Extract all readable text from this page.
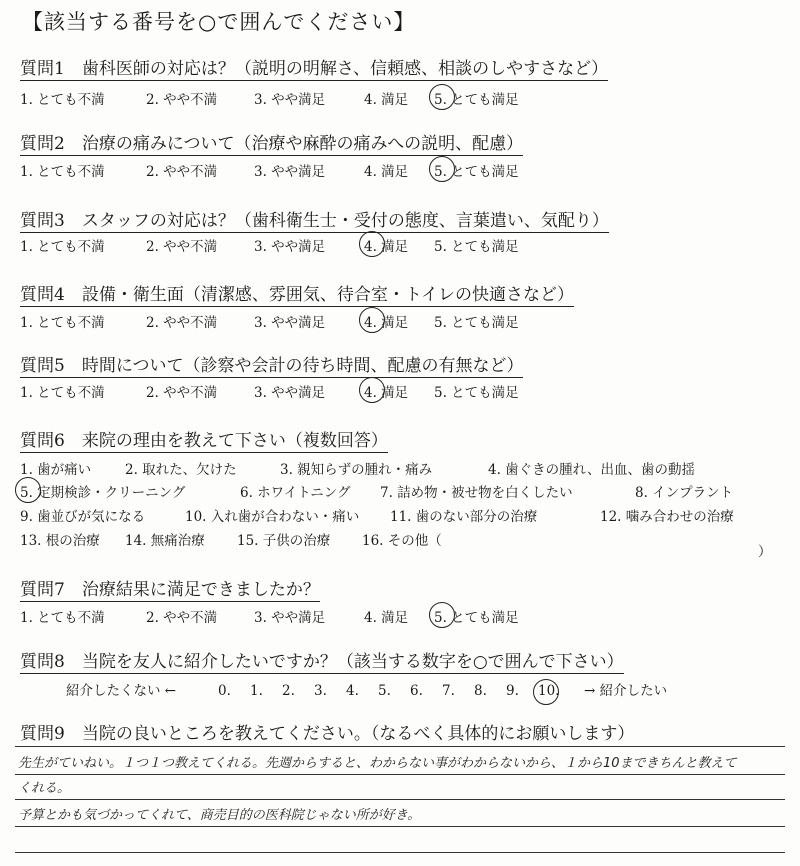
【該当する番号を○で囲んでください】
質問1　歯科医師の対応は？（説明の明解さ、信頼感、相談のしやすさなど）
1. とても不満	2. やや不満	3. やや満足	4. 満足 5. とても満足
質問2　治療の痛みについて（治療や麻酔の痛みへの説明、配慮）
1. とても不満	2. やや不満	3. やや満足	4. 満足 5. とても満足
質問3　スタッフの対応は？（歯科衛生士・受付の態度、言葉遣い、気配り）
1. とても不満	2. やや不満	3. やや満足	4. 満足 5. とても満足
質問4　設備・衛生面（清潔感、雰囲気、待合室・トイレの快適さなど）
1. とても不満	2. やや不満	3. やや満足	4. 満足 5. とても満足
質問5　時間について（診察や会計の待ち時間、配慮の有無など）
1. とても不満	2. やや不満	3. やや満足	4. 満足 5. とても満足
質問6　来院の理由を教えて下さい（複数回答）
1. 歯が痛い	2. 取れた、欠けた	3. 親知らずの腫れ・痛み	4. 歯ぐきの腫れ、出血、歯の動揺
5. 定期検診・クリーニング	6. ホワイトニング 7. 詰め物・被せ物を白くしたい	8. インプラント
9. 歯並びが気になる	10. 入れ歯が合わない・痛い 11. 歯のない部分の治療	12. 噛み合わせの治療
13. 根の治療 14. 無痛治療 15. 子供の治療 16. その他（
）
質問7　治療結果に満足できましたか？
1. とても不満	2. やや不満	3. やや満足	4. 満足 5. とても満足
質問8　当院を友人に紹介したいですか？（該当する数字を○で囲んで下さい）
紹介したくない ←	0. 1. 2. 3. 4. 5. 6. 7. 8. 9. 10. → 紹介したい
質問9　当院の良いところを教えてください。（なるべく具体的にお願いします）
先生がていねい。１つ１つ教えてくれる。先週からすると、わからない事がわからないから、１から10まできちんと教えて
くれる。
予算とかも気づかってくれて、商売目的の医科院じゃない所が好き。
